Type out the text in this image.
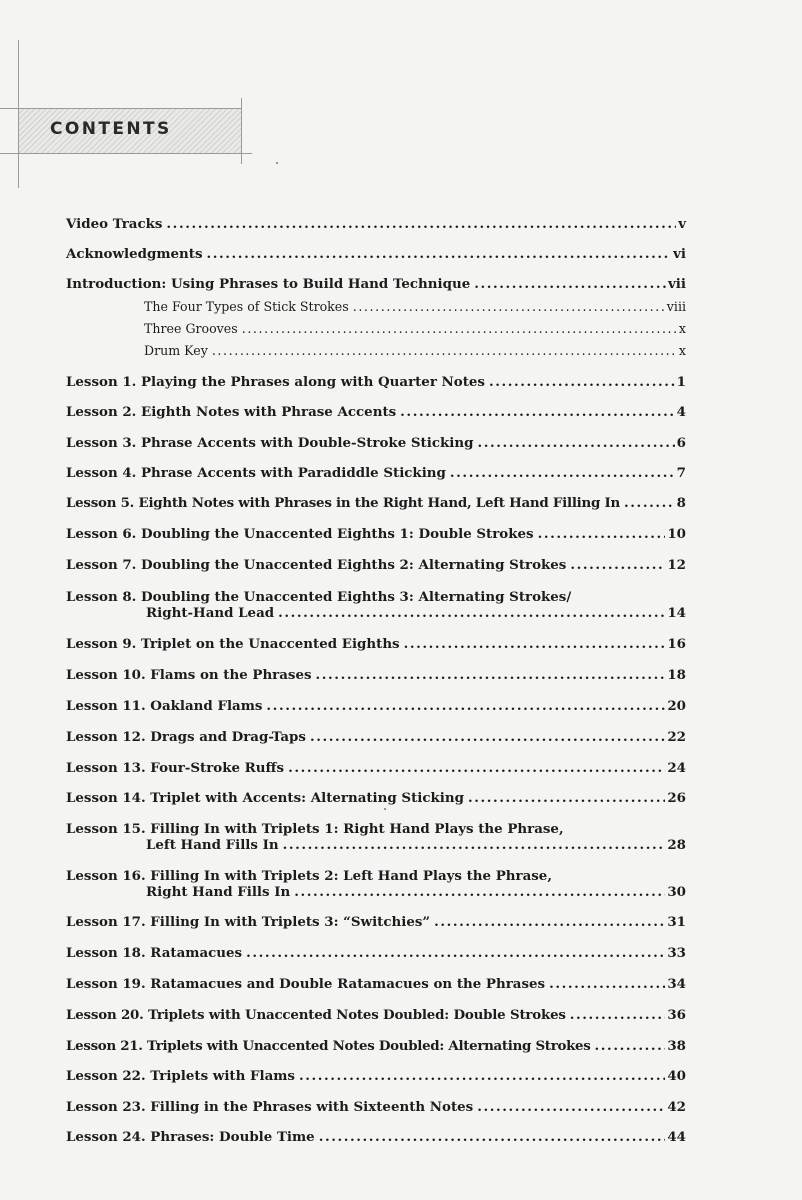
CONTENTS
Video Tracks .....	v
Acknowledgments .....	vi
Introduction: Using Phrases to Build Hand Technique .....	vii
The Four Types of Stick Strokes .....	viii
Three Grooves .....	x
Drum Key .....	x
Lesson 1. Playing the Phrases along with Quarter Notes .....	1
Lesson 2. Eighth Notes with Phrase Accents .....	4
Lesson 3. Phrase Accents with Double-Stroke Sticking .....	6
Lesson 4. Phrase Accents with Paradiddle Sticking .....	7
Lesson 5. Eighth Notes with Phrases in the Right Hand, Left Hand Filling In .....	8
Lesson 6. Doubling the Unaccented Eighths 1: Double Strokes .....	10
Lesson 7. Doubling the Unaccented Eighths 2: Alternating Strokes .....	12
Lesson 8. Doubling the Unaccented Eighths 3: Alternating Strokes/
Right-Hand Lead .....	14
Lesson 9. Triplet on the Unaccented Eighths .....	16
Lesson 10. Flams on the Phrases .....	18
Lesson 11. Oakland Flams .....	20
Lesson 12. Drags and Drag-Taps .....	22
Lesson 13. Four-Stroke Ruffs .....	24
Lesson 14. Triplet with Accents: Alternating Sticking .....	26
Lesson 15. Filling In with Triplets 1: Right Hand Plays the Phrase,
Left Hand Fills In .....	28
Lesson 16. Filling In with Triplets 2: Left Hand Plays the Phrase,
Right Hand Fills In .....	30
Lesson 17. Filling In with Triplets 3: “Switchies” .....	31
Lesson 18. Ratamacues .....	33
Lesson 19. Ratamacues and Double Ratamacues on the Phrases .....	34
Lesson 20. Triplets with Unaccented Notes Doubled: Double Strokes .....	36
Lesson 21. Triplets with Unaccented Notes Doubled: Alternating Strokes .....	38
Lesson 22. Triplets with Flams .....	40
Lesson 23. Filling in the Phrases with Sixteenth Notes .....	42
Lesson 24. Phrases: Double Time .....	44
